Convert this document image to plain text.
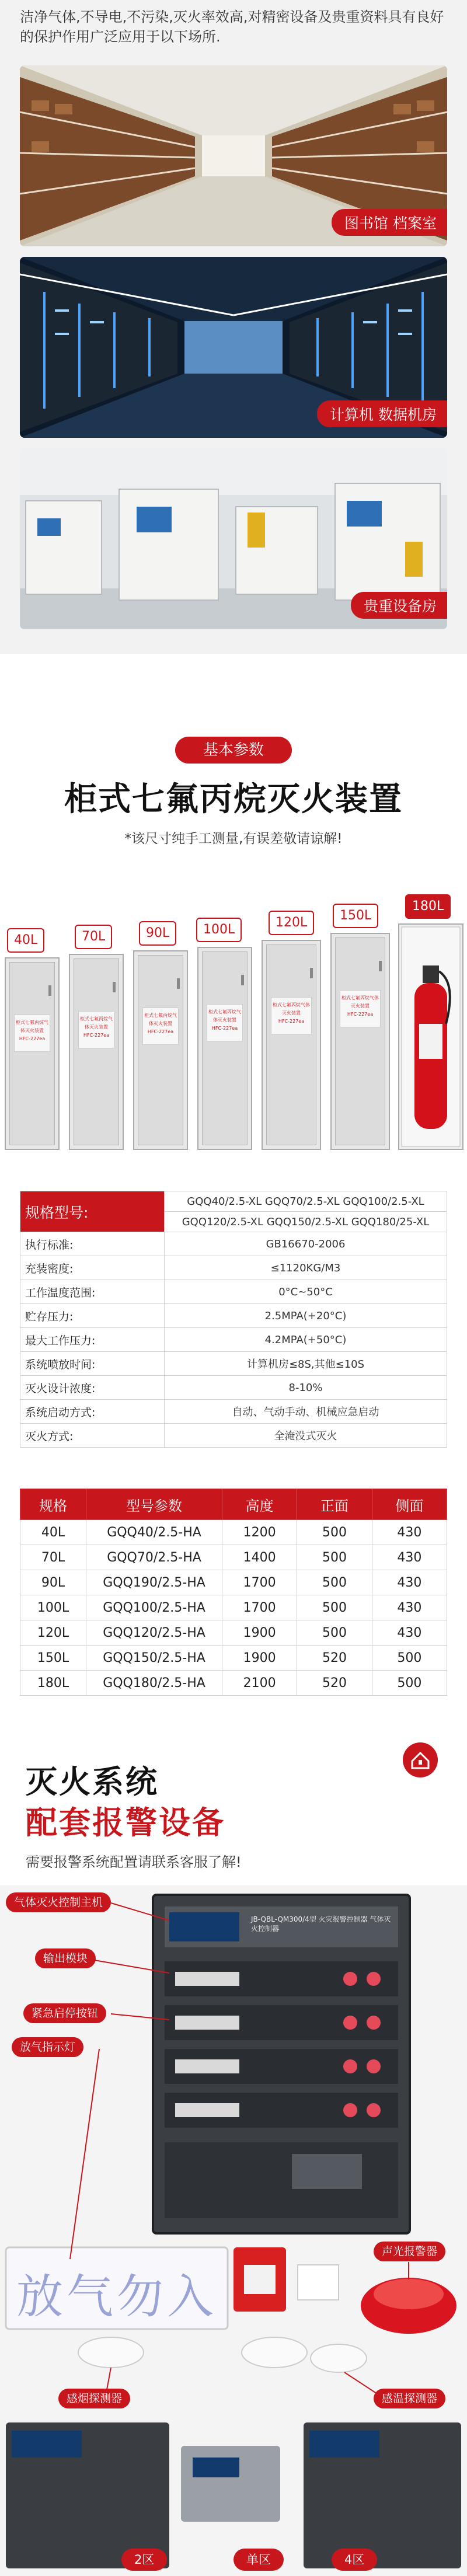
洁净气体,不导电,不污染,灭火率效高,对精密设备及贵重资料具有良好的保护作用广泛应用于以下场所.
图书馆 档案室
计算机 数据机房
贵重设备房
基本参数
柜式七氟丙烷灭火装置
*该尺寸纯手工测量,有误差敬请谅解!
40L	70L	90L	100L	120L	150L
180L
柜式七氟丙烷气体灭火装置
HFC-227ea
柜式七氟丙烷气体灭火装置
HFC-227ea
柜式七氟丙烷气体灭火装置
HFC-227ea
柜式七氟丙烷气体灭火装置
HFC-227ea
柜式七氟丙烷气体灭火装置
HFC-227ea
柜式七氟丙烷气体灭火装置
HFC-227ea
规格型号:	GQQ40/2.5-XL GQQ70/2.5-XL GQQ100/2.5-XL
	GQQ120/2.5-XL GQQ150/2.5-XL GQQ180/25-XL
执行标准:	GB16670-2006
充装密度:	≤1120KG/M3
工作温度范围:	0°C~50°C
贮存压力:	2.5MPA(+20°C)
最大工作压力:	4.2MPA(+50°C)
系统喷放时间:	计算机房≤8S,其他≤10S
灭火设计浓度:	8-10%
系统启动方式:	自动、气动手动、机械应急启动
灭火方式:	全淹没式灭火
规格	型号参数	高度	正面	侧面
40L	GQQ40/2.5-HA	1200	500	430
70L	GQQ70/2.5-HA	1400	500	430
90L	GQQ190/2.5-HA	1700	500	430
100L	GQQ100/2.5-HA	1700	500	430
120L	GQQ120/2.5-HA	1900	500	430
150L	GQQ150/2.5-HA	1900	520	500
180L	GQQ180/2.5-HA	2100	520	500
灭火系统
配套报警设备
需要报警系统配置请联系客服了解!
放气勿入
JB-QBL-QM300/4型 火灾报警控制器 气体灭火控制器
气体灭火控制主机
输出模块
紧急启停按钮
放气指示灯
声光报警器
感烟探测器	感温探测器
2区	单区	4区
